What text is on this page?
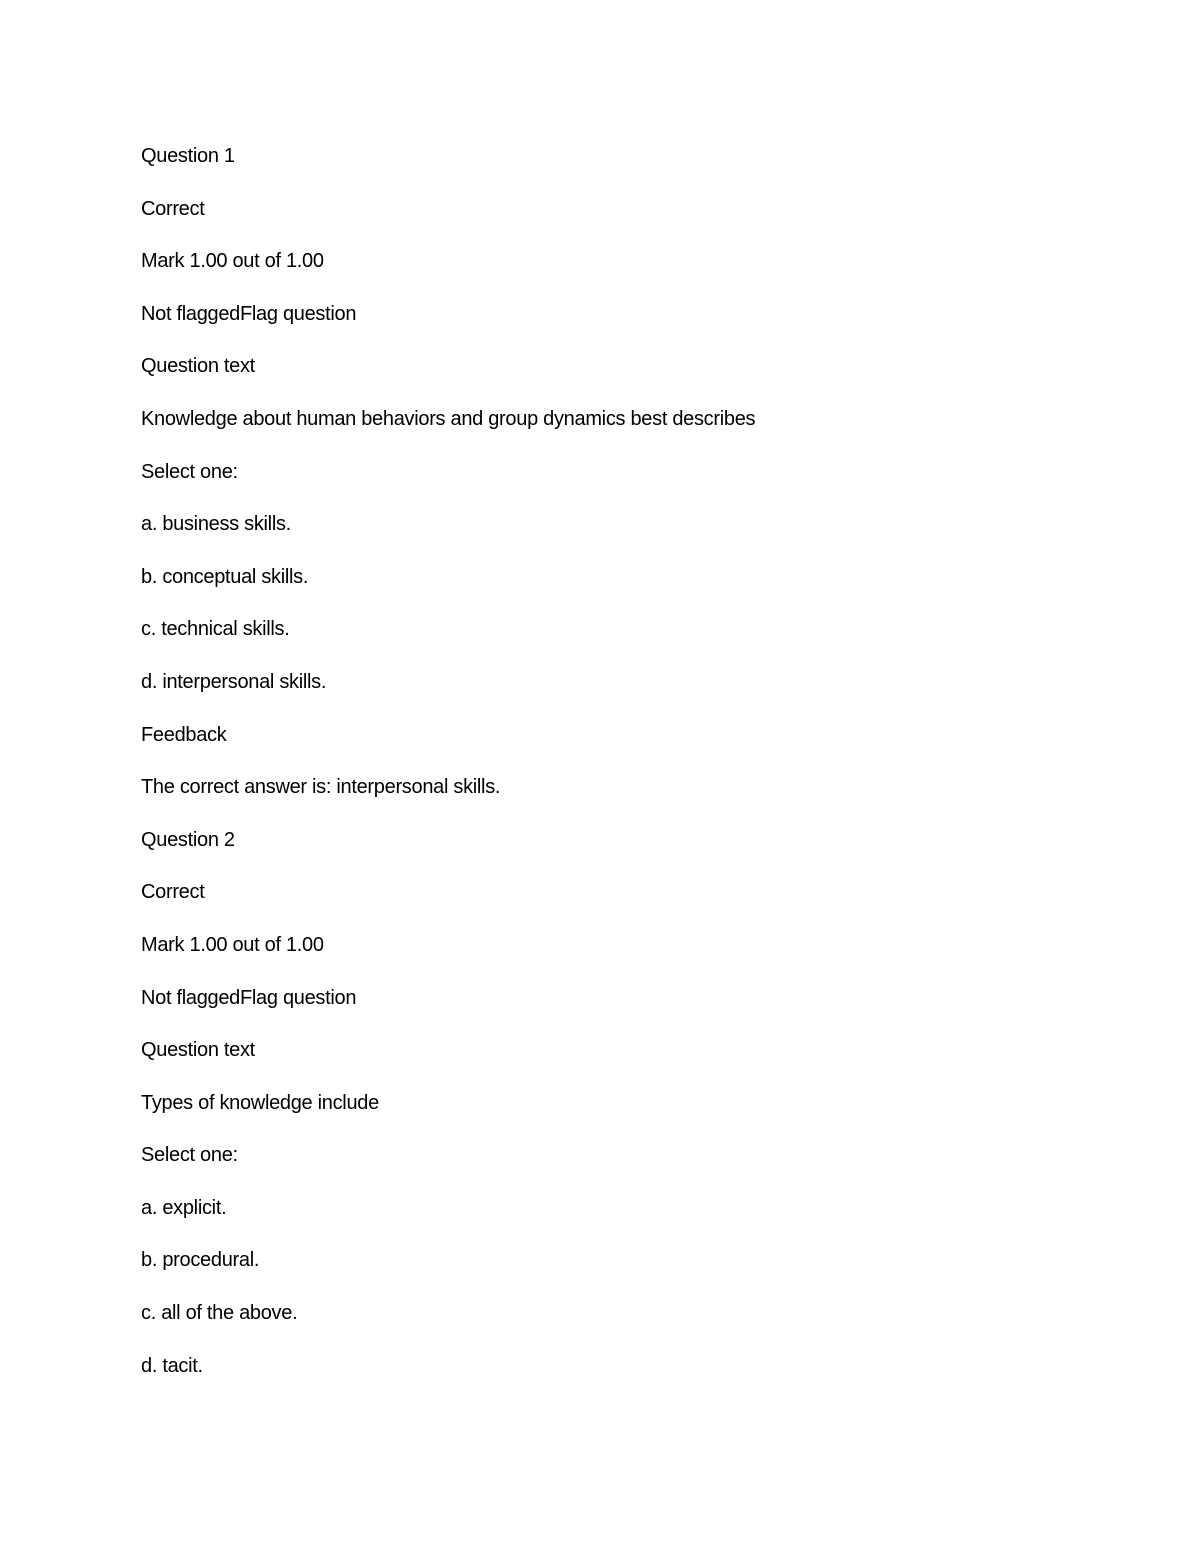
Question 1
Correct
Mark 1.00 out of 1.00
Not flaggedFlag question
Question text
Knowledge about human behaviors and group dynamics best describes
Select one:
a. business skills.
b. conceptual skills.
c. technical skills.
d. interpersonal skills.
Feedback
The correct answer is: interpersonal skills.
Question 2
Correct
Mark 1.00 out of 1.00
Not flaggedFlag question
Question text
Types of knowledge include
Select one:
a. explicit.
b. procedural.
c. all of the above.
d. tacit.
